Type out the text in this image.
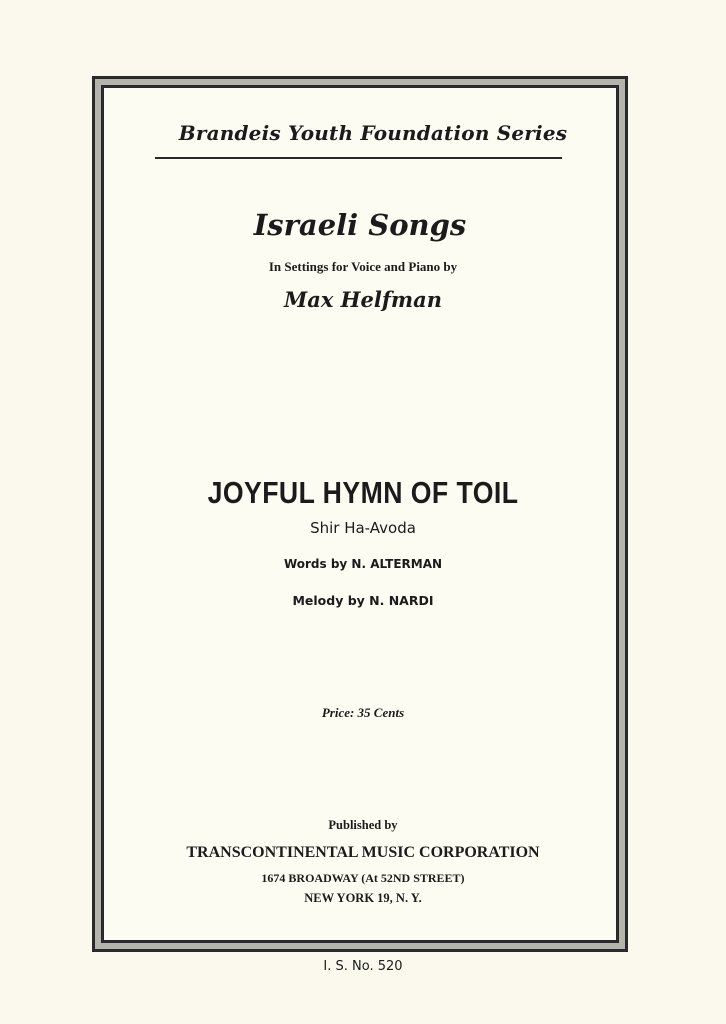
Brandeis Youth Foundation Series
Israeli Songs
In Settings for Voice and Piano by
Max Helfman
JOYFUL HYMN OF TOIL
Shir Ha-Avoda
Words by N. ALTERMAN
Melody by N. NARDI
Price: 35 Cents
Published by
TRANSCONTINENTAL MUSIC CORPORATION
1674 BROADWAY (At 52ND STREET)
NEW YORK 19, N. Y.
I. S. No. 520
